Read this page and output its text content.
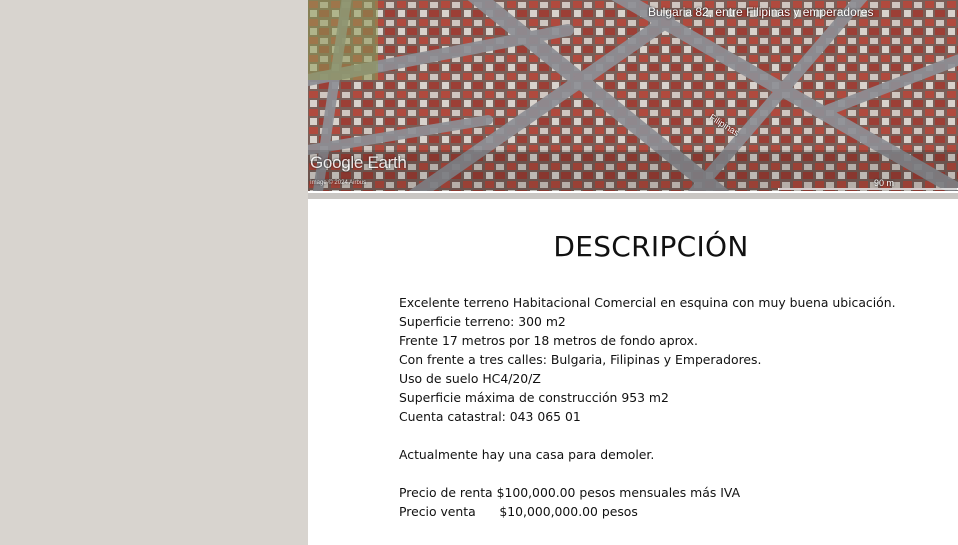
Bulgaria 82, entre Filipinas y emperadores
Filipinas
Google Earth
Image © 2024 Airbus	90 m
DESCRIPCIÓN
Excelente terreno Habitacional Comercial en esquina con muy buena ubicación.
Superficie terreno: 300 m2
Frente 17 metros por 18 metros de fondo aprox.
Con frente a tres calles: Bulgaria, Filipinas y Emperadores.
Uso de suelo HC4/20/Z
Superficie máxima de construcción 953 m2
Cuenta catastral: 043 065 01
Actualmente hay una casa para demoler.
Precio de renta $100,000.00 pesos mensuales más IVA
Precio venta      $10,000,000.00 pesos
